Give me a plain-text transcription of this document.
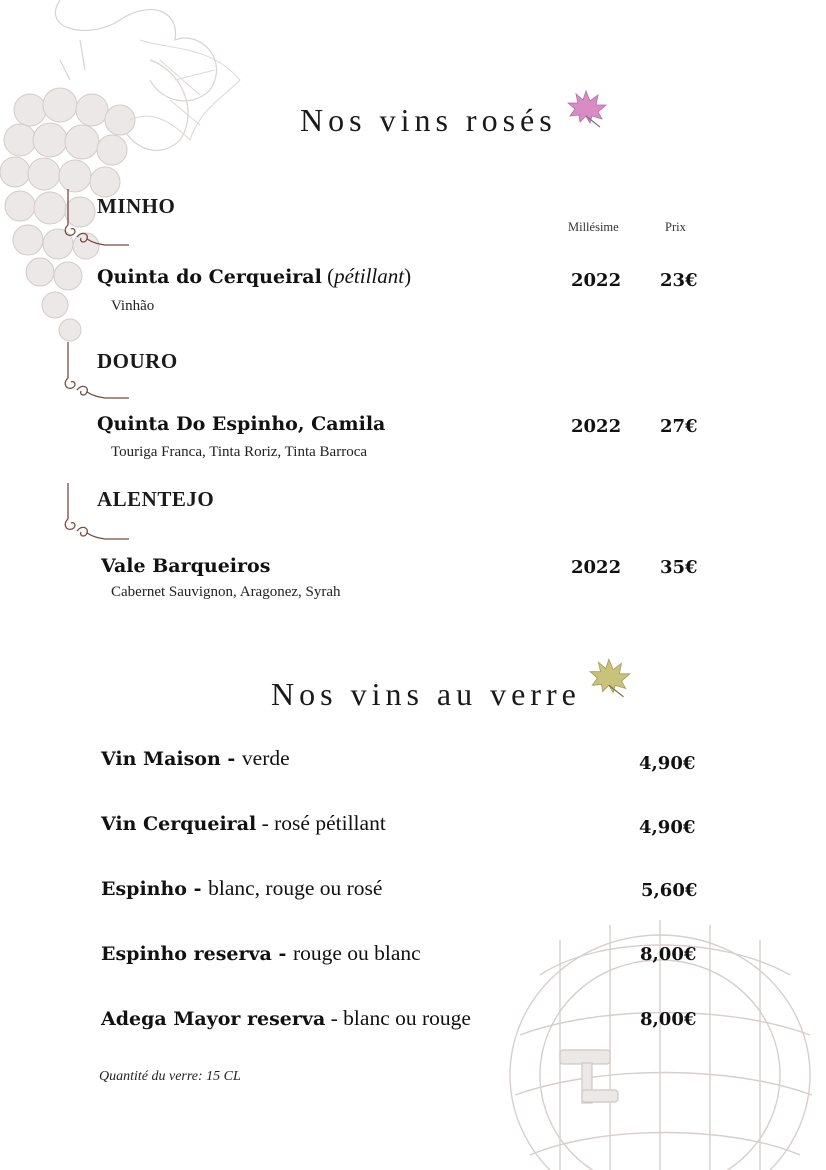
Nos vins rosés
Millésime	Prix
MINHO
Quinta do Cerqueiral (pétillant)
Vinhão
2022 23€
DOURO
Quinta Do Espinho, Camila
Touriga Franca, Tinta Roriz, Tinta Barroca
2022 27€
ALENTEJO
Vale Barqueiros
Cabernet Sauvignon, Aragonez, Syrah
2022 35€
Nos vins au verre
Vin Maison - verde	4,90€
Vin Cerqueiral - rosé pétillant	4,90€
Espinho - blanc, rouge ou rosé	5,60€
Espinho reserva - rouge ou blanc	8,00€
Adega Mayor reserva - blanc ou rouge	8,00€
Quantité du verre: 15 CL
